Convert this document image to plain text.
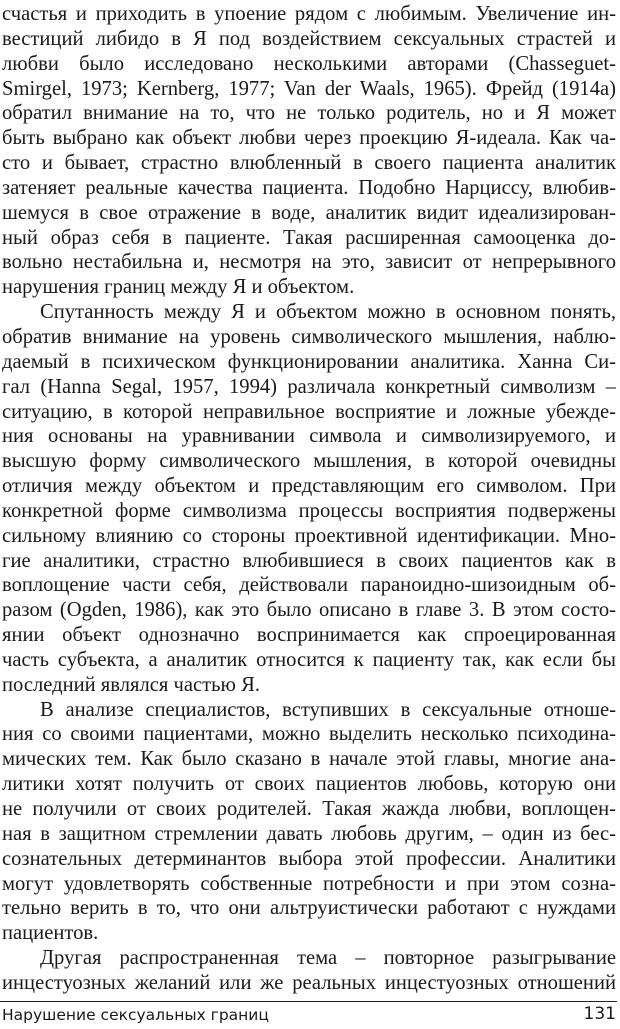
счастья и приходить в упоение рядом с любимым. Увеличение ин-
вестиций либидо в Я под воздействием сексуальных страстей и
любви было исследовано несколькими авторами (Chasseguet-
Smirgel, 1973; Kernberg, 1977; Van der Waals, 1965). Фрейд (1914a)
обратил внимание на то, что не только родитель, но и Я может
быть выбрано как объект любви через проекцию Я-идеала. Как ча-
сто и бывает, страстно влюбленный в своего пациента аналитик
затеняет реальные качества пациента. Подобно Нарциссу, влюбив-
шемуся в свое отражение в воде, аналитик видит идеализирован-
ный образ себя в пациенте. Такая расширенная самооценка до-
вольно нестабильна и, несмотря на это, зависит от непрерывного
нарушения границ между Я и объектом.
Спутанность между Я и объектом можно в основном понять,
обратив внимание на уровень символического мышления, наблю-
даемый в психическом функционировании аналитика. Ханна Си-
гал (Hanna Segal, 1957, 1994) различала конкретный символизм –
ситуацию, в которой неправильное восприятие и ложные убежде-
ния основаны на уравнивании символа и символизируемого, и
высшую форму символического мышления, в которой очевидны
отличия между объектом и представляющим его символом. При
конкретной форме символизма процессы восприятия подвержены
сильному влиянию со стороны проективной идентификации. Мно-
гие аналитики, страстно влюбившиеся в своих пациентов как в
воплощение части себя, действовали параноидно-шизоидным об-
разом (Ogden, 1986), как это было описано в главе 3. В этом состо-
янии объект однозначно воспринимается как спроецированная
часть субъекта, а аналитик относится к пациенту так, как если бы
последний являлся частью Я.
В анализе специалистов, вступивших в сексуальные отноше-
ния со своими пациентами, можно выделить несколько психодина-
мических тем. Как было сказано в начале этой главы, многие ана-
литики хотят получить от своих пациентов любовь, которую они
не получили от своих родителей. Такая жажда любви, воплощен-
ная в защитном стремлении давать любовь другим, – один из бес-
сознательных детерминантов выбора этой профессии. Аналитики
могут удовлетворять собственные потребности и при этом созна-
тельно верить в то, что они альтруистически работают с нуждами
пациентов.
Другая распространенная тема – повторное разыгрывание
инцестуозных желаний или же реальных инцестуозных отношений
Нарушение сексуальных границ	131
